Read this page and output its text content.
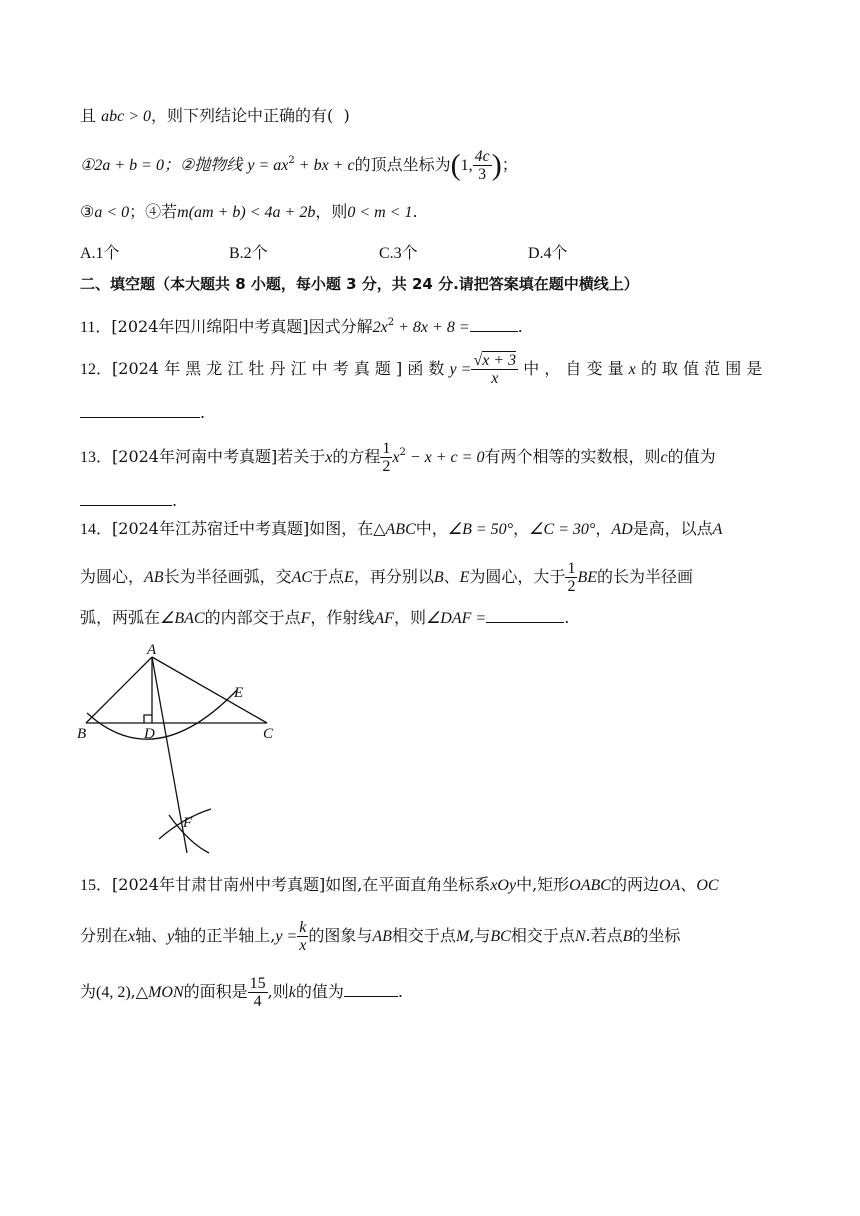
且 abc > 0，则下列结论中正确的有( )
①2a + b = 0；②抛物线 $y = ax^2$ + bx + c的顶点坐标为(1, $\frac{4c}{3}$ )；
③a < 0；④若m(am + b) < 4a + 2b，则0 < m < 1.
A.1个	B.2个	C.3个	D.4个
二、填空题（本大题共 8 小题，每小题 3 分，共 24 分.请把答案填在题中横线上）
11．[2024年四川绵阳中考真题]因式分解$2x^2 + 8x + 8$ =	.
12．[2024 年 黑 龙 江 牡 丹 江 中 考 真 题 ] 函 数 $y = \frac{√x + 3}{x}$ 中 ， 自 变 量 x 的 取 值 范 围 是
.
13．[2024年河南中考真题]若关于x的方程 $\frac{1}{2} x^2 - x + c = 0$有两个相等的实数根，则c的值为
.
14．[2024年江苏宿迁中考真题]如图，在△ABC中，∠B = 50°，∠C = 30°，AD是高，以点A
为圆心，AB长为半径画弧，交AC于点E，再分别以B、E为圆心，大于 $\frac{1}{2}$ BE的长为半径画
弧，两弧在∠BAC的内部交于点F，作射线AF，则∠DAF =	.
A
B	C
D
E
F
15．[2024年甘肃甘南州中考真题]如图,在平面直角坐标系xOy中,矩形OABC的两边OA、OC
分别在x轴、y轴的正半轴上$,y = \frac{k}{x}$ 的图象与AB相交于点M,与BC相交于点N.若点B的坐标
为(4, 2),△MON的面积是 $\frac{15}{4}$ ,则k的值为	.
